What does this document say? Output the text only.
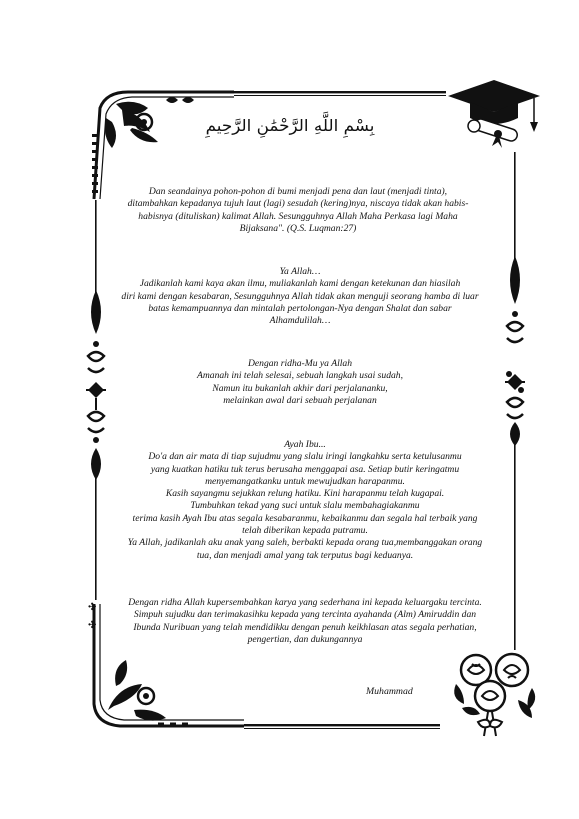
بِسْمِ اللَّهِ الرَّحْمَٰنِ الرَّحِيمِ
✣
✣
Dan seandainya pohon-pohon di bumi menjadi pena dan laut (menjadi tinta),
ditambahkan kepadanya tujuh laut (lagi) sesudah (kering)nya, niscaya tidak akan habis-
habisnya (dituliskan) kalimat Allah. Sesungguhnya Allah Maha Perkasa lagi Maha
Bijaksana". (Q.S. Luqman:27)
Ya Allah…
Jadikanlah kami kaya akan ilmu, muliakanlah kami dengan ketekunan dan hiasilah
diri kami dengan kesabaran, Sesungguhnya Allah tidak akan menguji seorang hamba di luar
batas kemampuannya dan mintalah pertolongan-Nya dengan Shalat dan sabar
Alhamdulilah…
Dengan ridha-Mu ya Allah
Amanah ini telah selesai, sebuah langkah usai sudah,
Namun itu bukanlah akhir dari perjalananku,
melainkan awal dari sebuah perjalanan
Ayah Ibu...
Do'a dan air mata di tiap sujudmu yang slalu iringi langkahku serta ketulusanmu
yang kuatkan hatiku tuk terus berusaha menggapai asa. Setiap butir keringatmu
menyemangatkanku untuk mewujudkan harapanmu.
Kasih sayangmu sejukkan relung hatiku. Kini harapanmu telah kugapai.
Tumbuhkan tekad yang suci untuk slalu membahagiakanmu
terima kasih Ayah Ibu atas segala kesabaranmu, kebaikanmu dan segala hal terbaik yang
telah diberikan kepada putramu.
Ya Allah, jadikanlah aku anak yang saleh, berbakti kepada orang tua,membanggakan orang
tua, dan menjadi amal yang tak terputus bagi keduanya.
Dengan ridha Allah kupersembahkan karya yang sederhana ini kepada keluargaku tercinta.
Simpuh sujudku dan terimakasihku kepada yang tercinta ayahanda (Alm) Amiruddin dan
Ibunda Nuribuan yang telah mendidikku dengan penuh keikhlasan atas segala perhatian,
pengertian, dan dukungannya
Muhammad
